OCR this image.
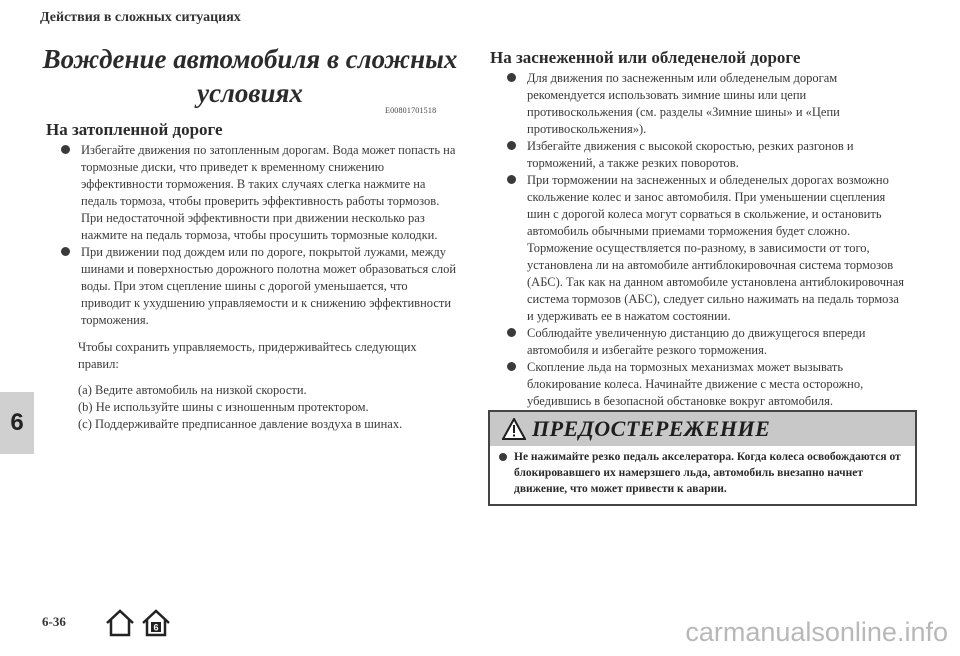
Действия в сложных ситуациях
Вождение автомобиля в сложных
условиях
E00801701518
На затопленной дороге
Избегайте движения по затопленным дорогам. Вода может попасть на тормозные диски, что приведет к временному снижению эффективности торможения. В таких случаях слегка нажмите на педаль тормоза, чтобы проверить эффективность работы тормозов. При недостаточной эффективности при движении несколько раз нажмите на педаль тормоза, чтобы просушить тормозные колодки.
При движении под дождем или по дороге, покрытой лужами, между шинами и поверхностью дорожного полотна может образоваться слой воды. При этом сцепление шины с дорогой уменьшается, что приводит к ухудшению управляемости и к снижению эффективности торможения.

Чтобы сохранить управляемость, придерживайтесь следующих правил:

(a) Ведите автомобиль на низкой скорости.
(b) Не используйте шины с изношенным протектором.
(c) Поддерживайте предписанное давление воздуха в шинах.
На заснеженной или обледенелой дороге
Для движения по заснеженным или обледенелым дорогам рекомендуется использовать зимние шины или цепи противоскольжения (см. разделы «Зимние шины» и «Цепи противоскольжения»).
Избегайте движения с высокой скоростью, резких разгонов и торможений, а также резких поворотов.
При торможении на заснеженных и обледенелых дорогах возможно скольжение колес и занос автомобиля. При уменьшении сцепления шин с дорогой колеса могут сорваться в скольжение, и остановить автомобиль обычными приемами торможения будет сложно. Торможение осуществляется по-разному, в зависимости от того, установлена ли на автомобиле антиблокировочная система тормозов (АБС). Так как на данном автомобиле установлена антиблокировочная система тормозов (АБС), следует сильно нажимать на педаль тормоза и удерживать ее в нажатом состоянии.
Соблюдайте увеличенную дистанцию до движущегося впереди автомобиля и избегайте резкого торможения.
Скопление льда на тормозных механизмах может вызывать блокирование колеса. Начинайте движение с места осторожно, убедившись в безопасной обстановке вокруг автомобиля.
ПРЕДОСТЕРЕЖЕНИЕ
Не нажимайте резко педаль акселератора. Когда колеса освобождаются от блокировавшего их намерзшего льда, автомобиль внезапно начнет движение, что может привести к аварии.
6
6-36	6	carmanualsonline.info
